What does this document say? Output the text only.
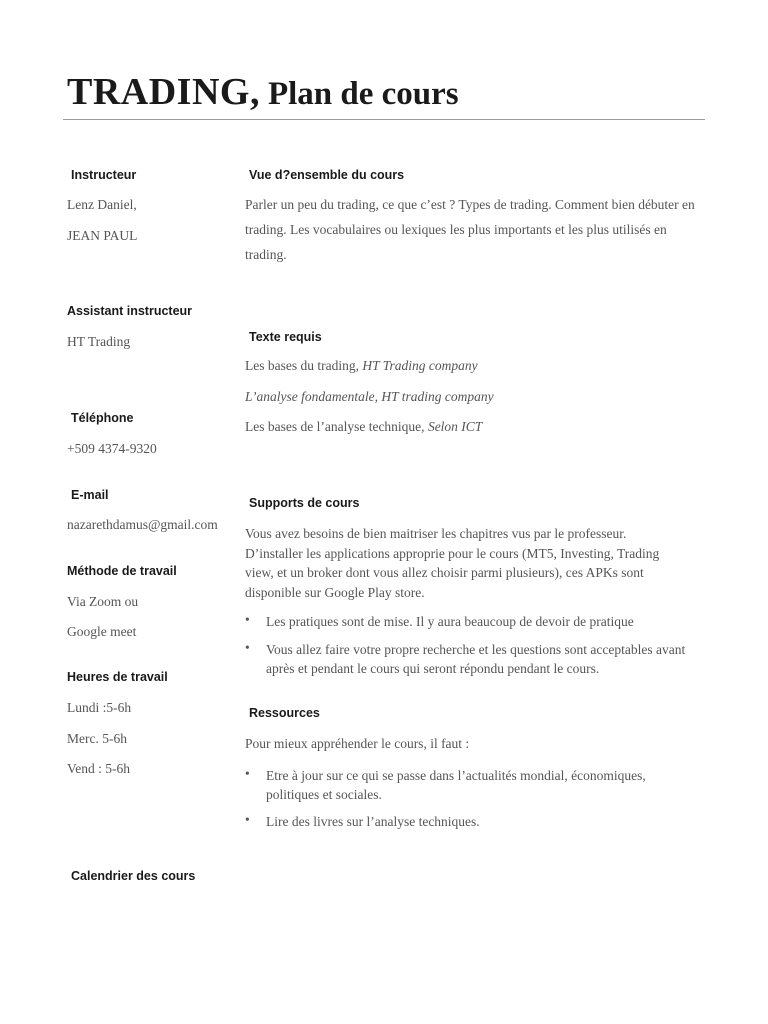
TRADING, Plan de cours
Instructeur
Lenz Daniel,
JEAN PAUL
Assistant instructeur
HT Trading
Téléphone
+509 4374-9320
E-mail
nazarethdamus@gmail.com
Méthode de travail
Via Zoom ou
Google meet
Heures de travail
Lundi :5-6h
Merc. 5-6h
Vend : 5-6h
Calendrier des cours
Vue d?ensemble du cours
Parler un peu du trading, ce que c’est ? Types de trading. Comment bien débuter en trading. Les vocabulaires ou lexiques les plus importants et les plus utilisés en trading.
Texte requis
Les bases du trading, HT Trading company
L’analyse fondamentale, HT trading company
Les bases de l’analyse technique, Selon ICT
Supports de cours
Vous avez besoins de bien maitriser les chapitres vus par le professeur. D’installer les applications appropriе pour le cours (MT5, Investing, Trading view, et un broker dont vous allez choisir parmi plusieurs), ces APKs sont disponible sur Google Play store.
• Les pratiques sont de mise. Il y aura beaucoup de devoir de pratique
• Vous allez faire votre propre recherche et les questions sont acceptables avant après et pendant le cours qui seront répondu pendant le cours.
Ressources
Pour mieux appréhender le cours, il faut :
• Etre à jour sur ce qui se passe dans l’actualités mondial, économiques, politiques et sociales.
• Lire des livres sur l’analyse techniques.
